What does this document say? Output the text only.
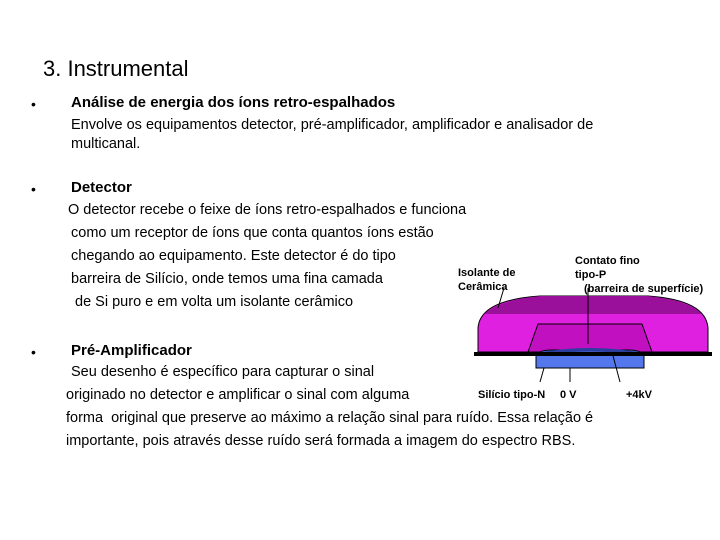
3. Instrumental
• Análise de energia dos íons retro-espalhados
Envolve os equipamentos detector, pré-amplificador, amplificador e analisador de
multicanal.
• Detector
O detector recebe o feixe de íons retro-espalhados e funciona
como um receptor de íons que conta quantos íons estão
chegando ao equipamento. Este detector é do tipo
barreira de Silício, onde temos uma fina camada
de Si puro e em volta um isolante cerâmico
• Pré-Amplificador
Seu desenho é específico para capturar o sinal
originado no detector e amplificar o sinal com alguma
forma  original que preserve ao máximo a relação sinal para ruído. Essa relação é
importante, pois através desse ruído será formada a imagem do espectro RBS.
Contato fino
tipo-P
(barreira de superfície)
Isolante de
Cerâmica
Silício tipo-N 0 V	+4kV
